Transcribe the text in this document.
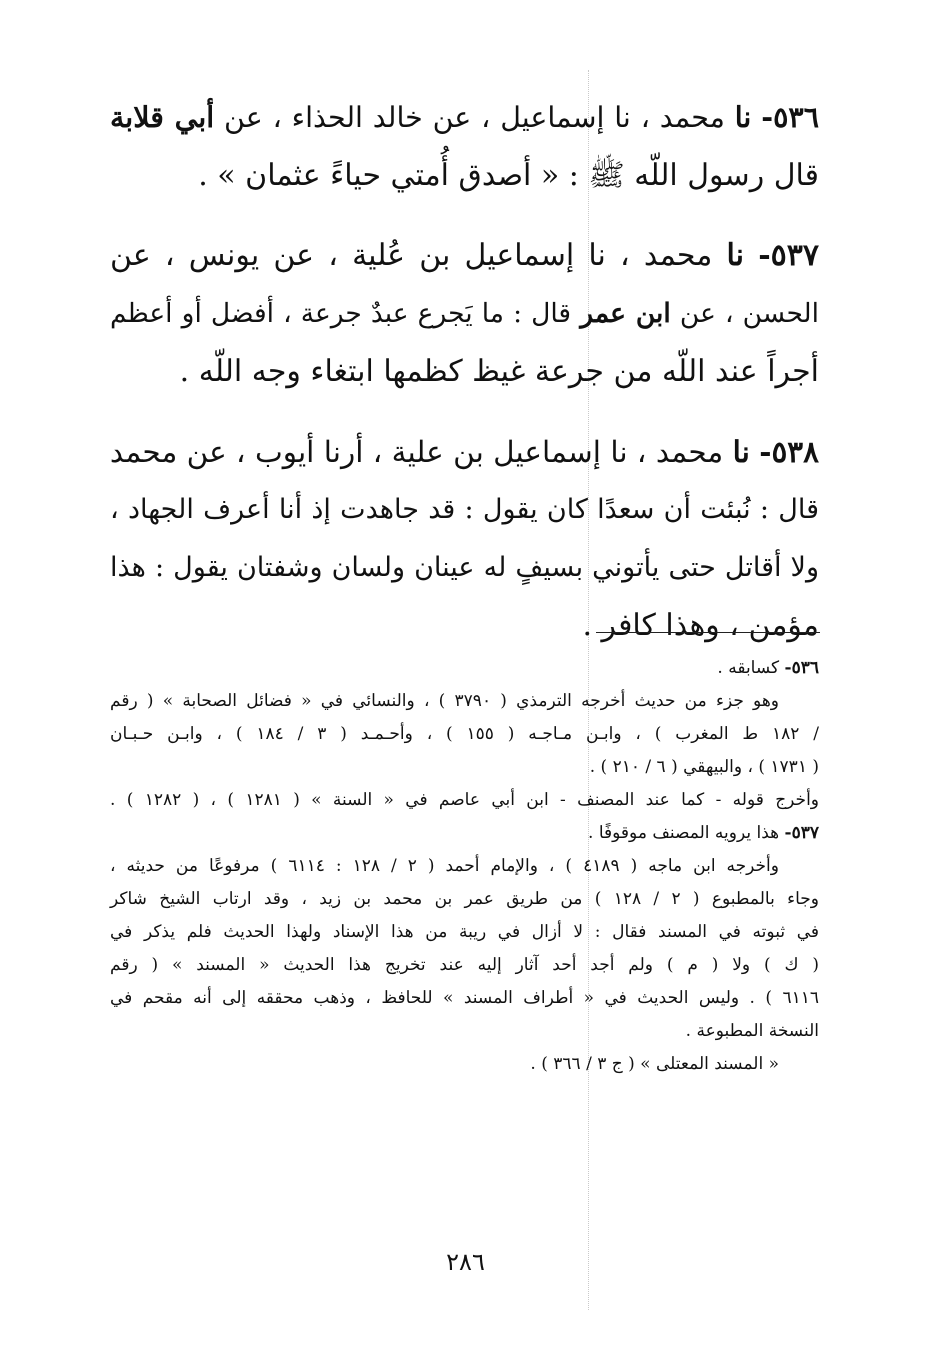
٥٣٦- نا محمد ، نا إسماعيل ، عن خالد الحذاء ، عن أبي قلابة
قال رسول اللّه ﷺ : « أصدق أُمتي حياءً عثمان » .
٥٣٧- نا محمد ، نا إسماعيل بن عُلية ، عن يونس ، عن
الحسن ، عن ابن عمر قال : ما يَجرع عبدٌ جرعة ، أفضل أو أعظم
أجراً عند اللّه من جرعة غيظ كظمها ابتغاء وجه اللّه .
٥٣٨- نا محمد ، نا إسماعيل بن علية ، أرنا أيوب ، عن محمد
قال : نُبئت أن سعدًا كان يقول : قد جاهدت إذ أنا أعرف الجهاد ،
ولا أقاتل حتى يأتوني بسيفٍ له عينان ولسان وشفتان يقول : هذا
مؤمن ، وهذا كافر .
٥٣٦- كسابقه .
وهو جزء من حديث أخرجه الترمذي ( ٣٧٩٠ ) ، والنسائي في « فضائل الصحابة » ( رقم
/ ١٨٢ ط المغرب ) ، وابـن مـاجـه ( ١٥٥ ) ، وأحـمـد ( ٣ / ١٨٤ ) ، وابـن حـبـان
( ١٧٣١ ) ، والبيهقي ( ٦ / ٢١٠ ) .
وأخرج قوله - كما عند المصنف - ابن أبي عاصم في « السنة » ( ١٢٨١ ) ، ( ١٢٨٢ ) .
٥٣٧- هذا يرويه المصنف موقوفًا .
وأخرجه ابن ماجه ( ٤١٨٩ ) ، والإمام أحمد ( ٢ / ١٢٨ : ٦١١٤ ) مرفوعًا من حديثه ،
وجاء بالمطبوع ( ٢ / ١٢٨ ) من طريق عمر بن محمد بن زيد ، وقد ارتاب الشيخ شاكر
في ثبوته في المسند فقال : لا أزال في ريبة من هذا الإسناد ولهذا الحديث فلم يذكر في
( ك ) ولا ( م ) ولم أجد أحد آثار إليه عند تخريج هذا الحديث « المسند » ( رقم
٦١١٦ ) . وليس الحديث في « أطراف المسند » للحافظ ، وذهب محققه إلى أنه مقحم في
النسخة المطبوعة .
« المسند المعتلى » ( ج ٣ / ٣٦٦ ) .
٢٨٦
